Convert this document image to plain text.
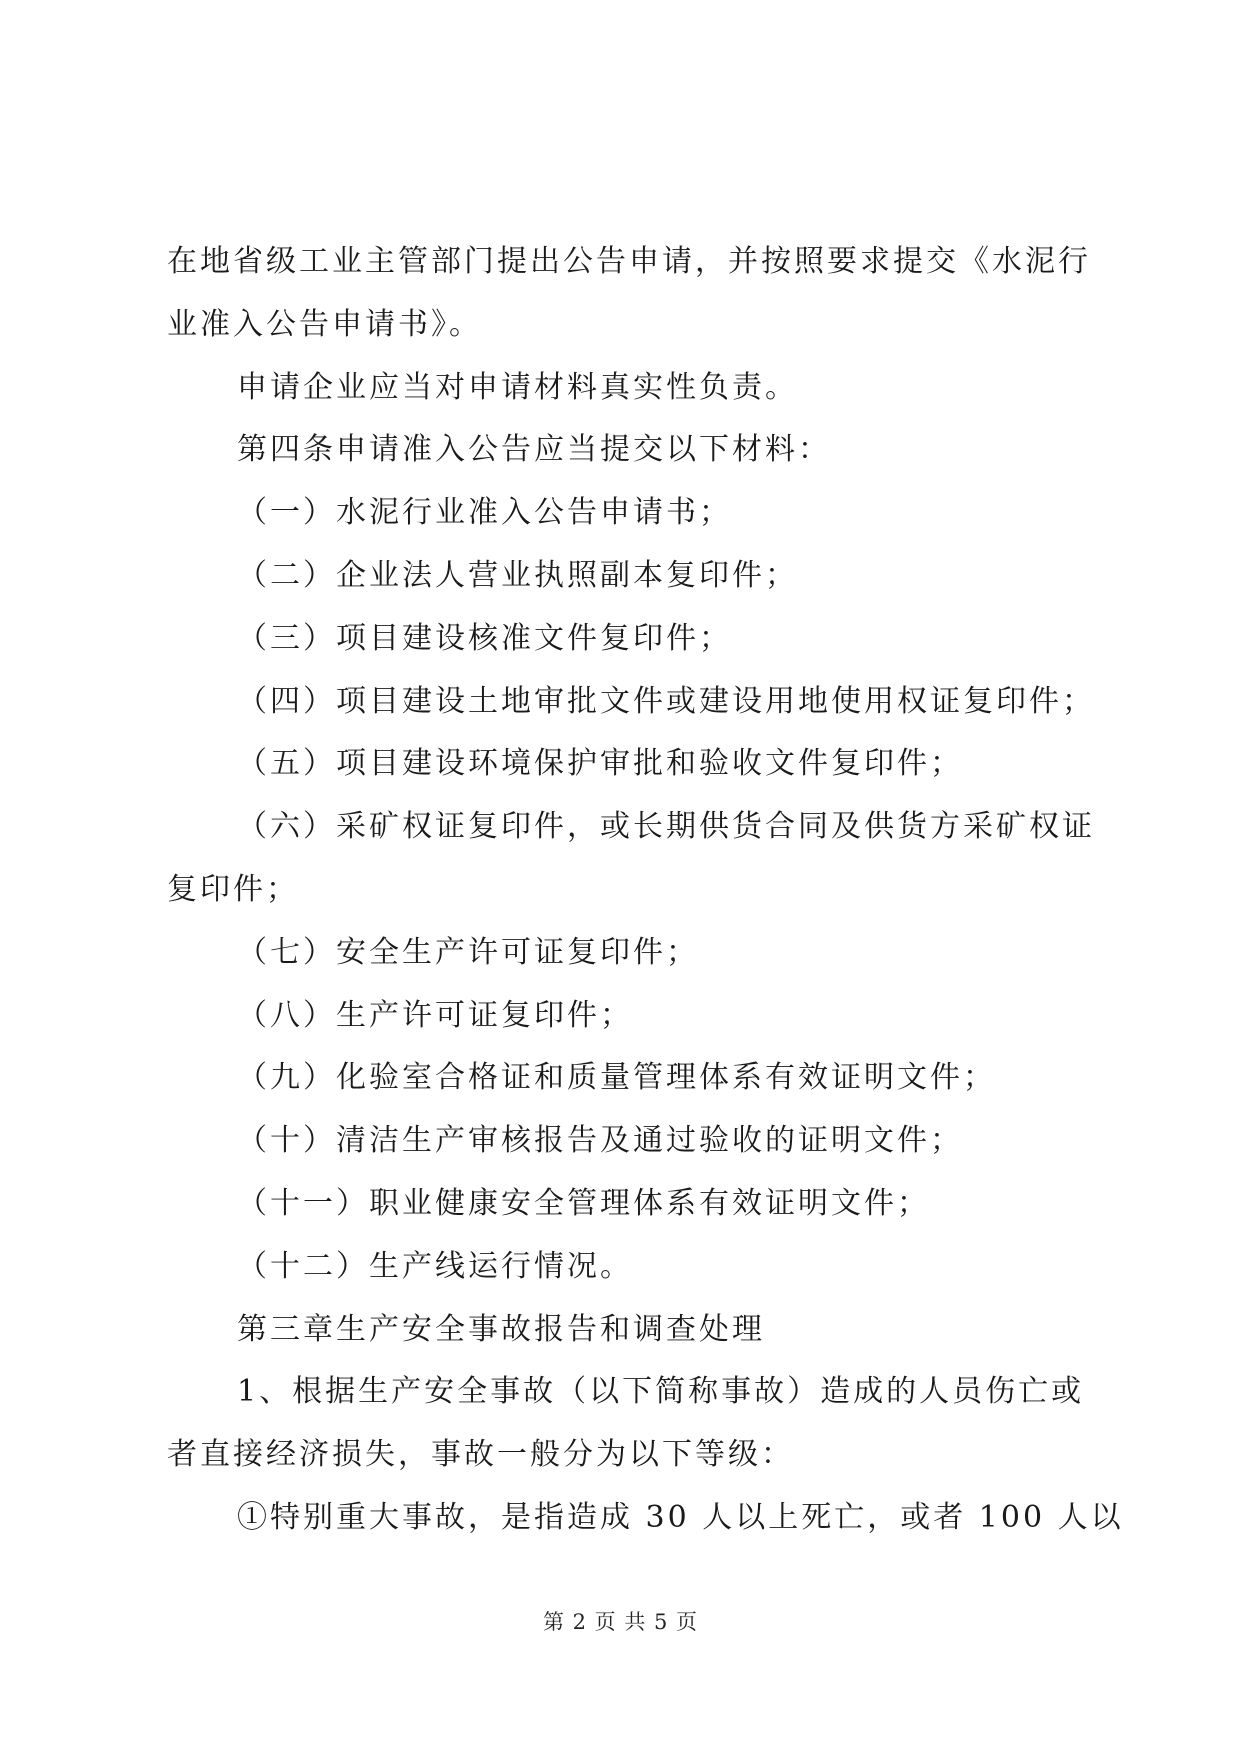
在地省级工业主管部门提出公告申请，并按照要求提交《水泥行
业准入公告申请书》。
申请企业应当对申请材料真实性负责。
第四条申请准入公告应当提交以下材料：
（一）水泥行业准入公告申请书；
（二）企业法人营业执照副本复印件；
（三）项目建设核准文件复印件；
（四）项目建设土地审批文件或建设用地使用权证复印件；
（五）项目建设环境保护审批和验收文件复印件；
（六）采矿权证复印件，或长期供货合同及供货方采矿权证
复印件；
（七）安全生产许可证复印件；
（八）生产许可证复印件；
（九）化验室合格证和质量管理体系有效证明文件；
（十）清洁生产审核报告及通过验收的证明文件；
（十一）职业健康安全管理体系有效证明文件；
（十二）生产线运行情况。
第三章生产安全事故报告和调查处理
1、根据生产安全事故（以下简称事故）造成的人员伤亡或
者直接经济损失，事故一般分为以下等级：
①特别重大事故，是指造成 30 人以上死亡，或者 100 人以
第 2 页 共 5 页
